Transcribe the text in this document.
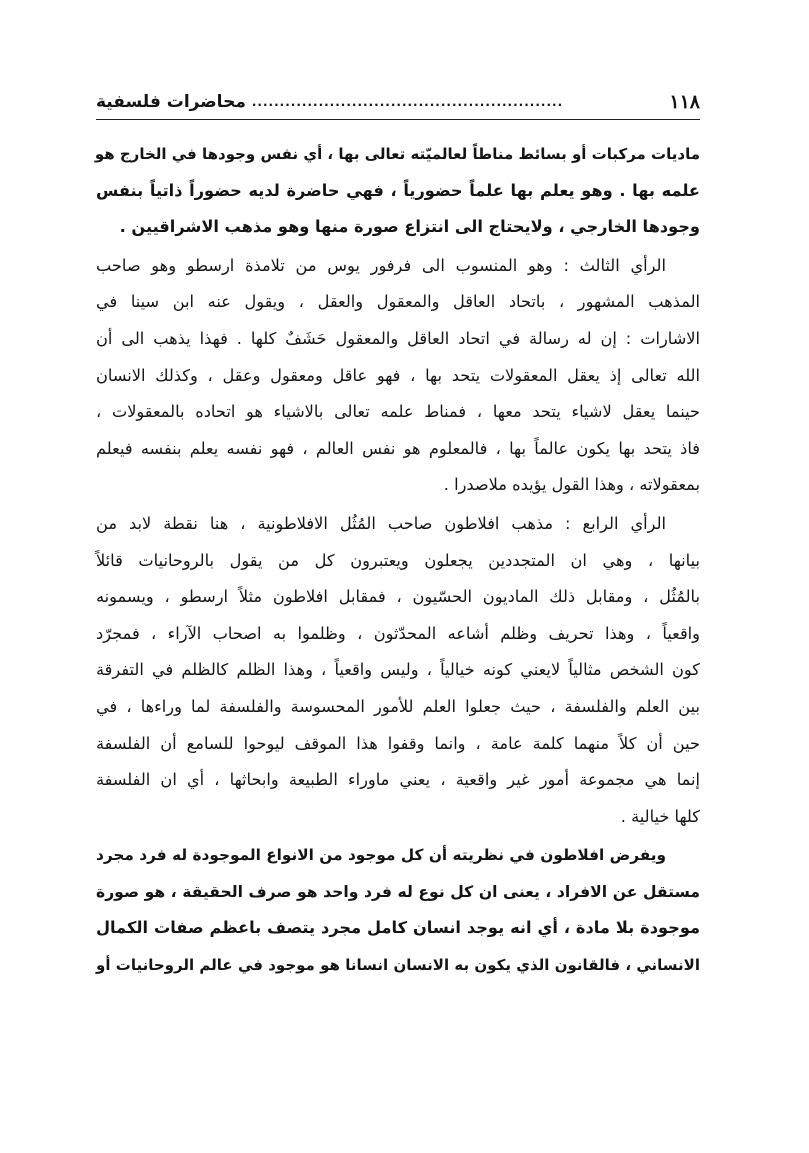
١١٨
........................................................
محاضرات فلسفية
ماديات مركبات أو بسائط مناطاً لعالميّته تعالى بها ، أي نفس وجودها في الخارج هو
علمه بها . وهو يعلم بها علماً حضورياً ، فهي حاضرة لديه حضوراً ذاتياً بنفس
وجودها الخارجي ، ولايحتاج الى انتزاع صورة منها وهو مذهب الاشراقيين .
الرأي الثالث : وهو المنسوب الى فرفور يوس من تلامذة ارسطو وهو صاحب
المذهب المشهور ، باتحاد العاقل والمعقول والعقل ، ويقول عنه ابن سينا في
الاشارات : إن له رسالة في اتحاد العاقل والمعقول حَشَفٌ كلها . فهذا يذهب الى أن
الله تعالى إذ يعقل المعقولات يتحد بها ، فهو عاقل ومعقول وعقل ، وكذلك الانسان
حينما يعقل لاشياء يتحد معها ، فمناط علمه تعالى بالاشياء هو اتحاده بالمعقولات ،
فاذ يتحد بها يكون عالماً بها ، فالمعلوم هو نفس العالم ، فهو نفسه يعلم بنفسه فيعلم
بمعقولاته ، وهذا القول يؤيده ملاصدرا .
الرأي الرابع : مذهب افلاطون صاحب المُثُل الافلاطونية ، هنا نقطة لابد من
بيانها ، وهي ان المتجددين يجعلون ويعتبرون كل من يقول بالروحانيات قائلاً
بالمُثُل ، ومقابل ذلك الماديون الحسّيون ، فمقابل افلاطون مثلاً ارسطو ، ويسمونه
واقعياً ، وهذا تحريف وظلم أشاعه المحدّثون ، وظلموا به اصحاب الآراء ، فمجرّد
كون الشخص مثالياً لايعني كونه خيالياً ، وليس واقعياً ، وهذا الظلم كالظلم في التفرقة
بين العلم والفلسفة ، حيث جعلوا العلم للأمور المحسوسة والفلسفة لما وراءها ، في
حين أن كلاً منهما كلمة عامة ، وانما وقفوا هذا الموقف ليوحوا للسامع أن الفلسفة
إنما هي مجموعة أمور غير واقعية ، يعني ماوراء الطبيعة وابحاثها ، أي ان الفلسفة
كلها خيالية .
ويفرض افلاطون في نظريته أن كل موجود من الانواع الموجودة له فرد مجرد
مستقل عن الافراد ، يعنى ان كل نوع له فرد واحد هو صرف الحقيقة ، هو صورة
موجودة بلا مادة ، أي انه يوجد انسان كامل مجرد يتصف باعظم صفات الكمال
الانساني ، فالقانون الذي يكون به الانسان انسانا هو موجود في عالم الروحانيات أو
